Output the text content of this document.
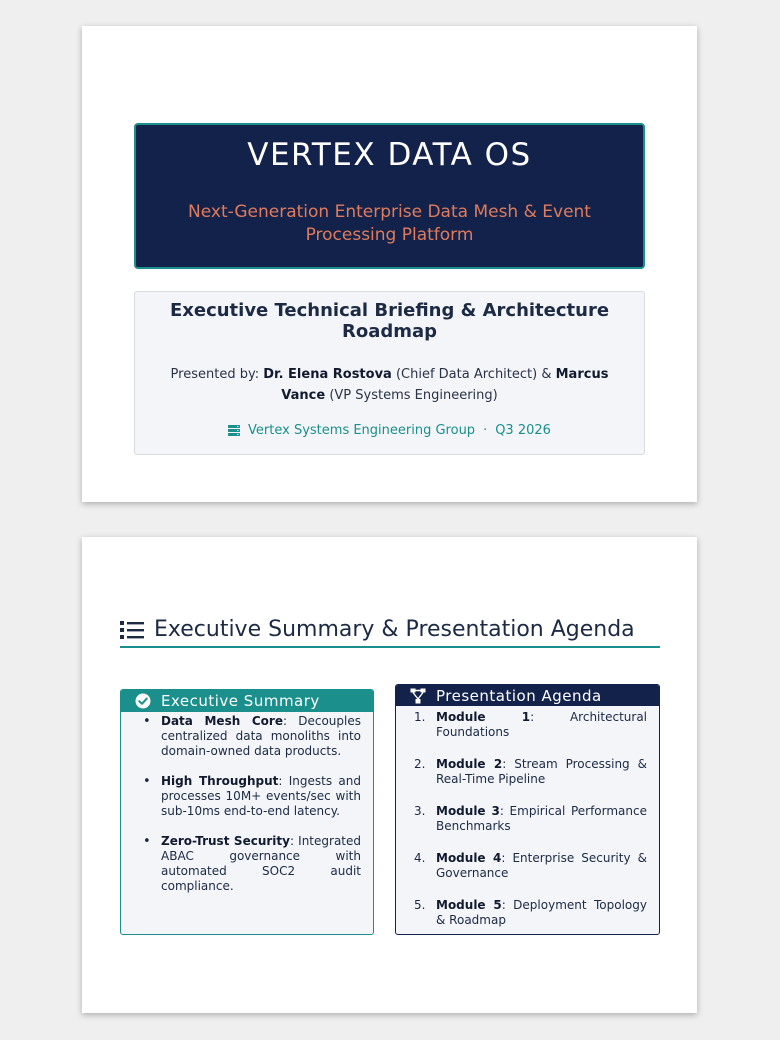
VERTEX DATA OS
Next-Generation Enterprise Data Mesh & Event Processing Platform
Executive Technical Briefing & Architecture Roadmap
Presented by: Dr. Elena Rostova (Chief Data Architect) & Marcus Vance (VP Systems Engineering)
Vertex Systems Engineering Group · Q3 2026
Executive Summary & Presentation Agenda
Executive Summary
• Data Mesh Core: Decouples centralized data monoliths into domain-owned data products.
• High Throughput: Ingests and processes 10M+ events/sec with sub-10ms end-to-end latency.
• Zero-Trust Security: Integrated ABAC governance with automated SOC2 audit compliance.
Presentation Agenda
1. Module 1: Architectural Foundations
2. Module 2: Stream Processing & Real-Time Pipeline
3. Module 3: Empirical Performance Benchmarks
4. Module 4: Enterprise Security & Governance
5. Module 5: Deployment Topology & Roadmap
